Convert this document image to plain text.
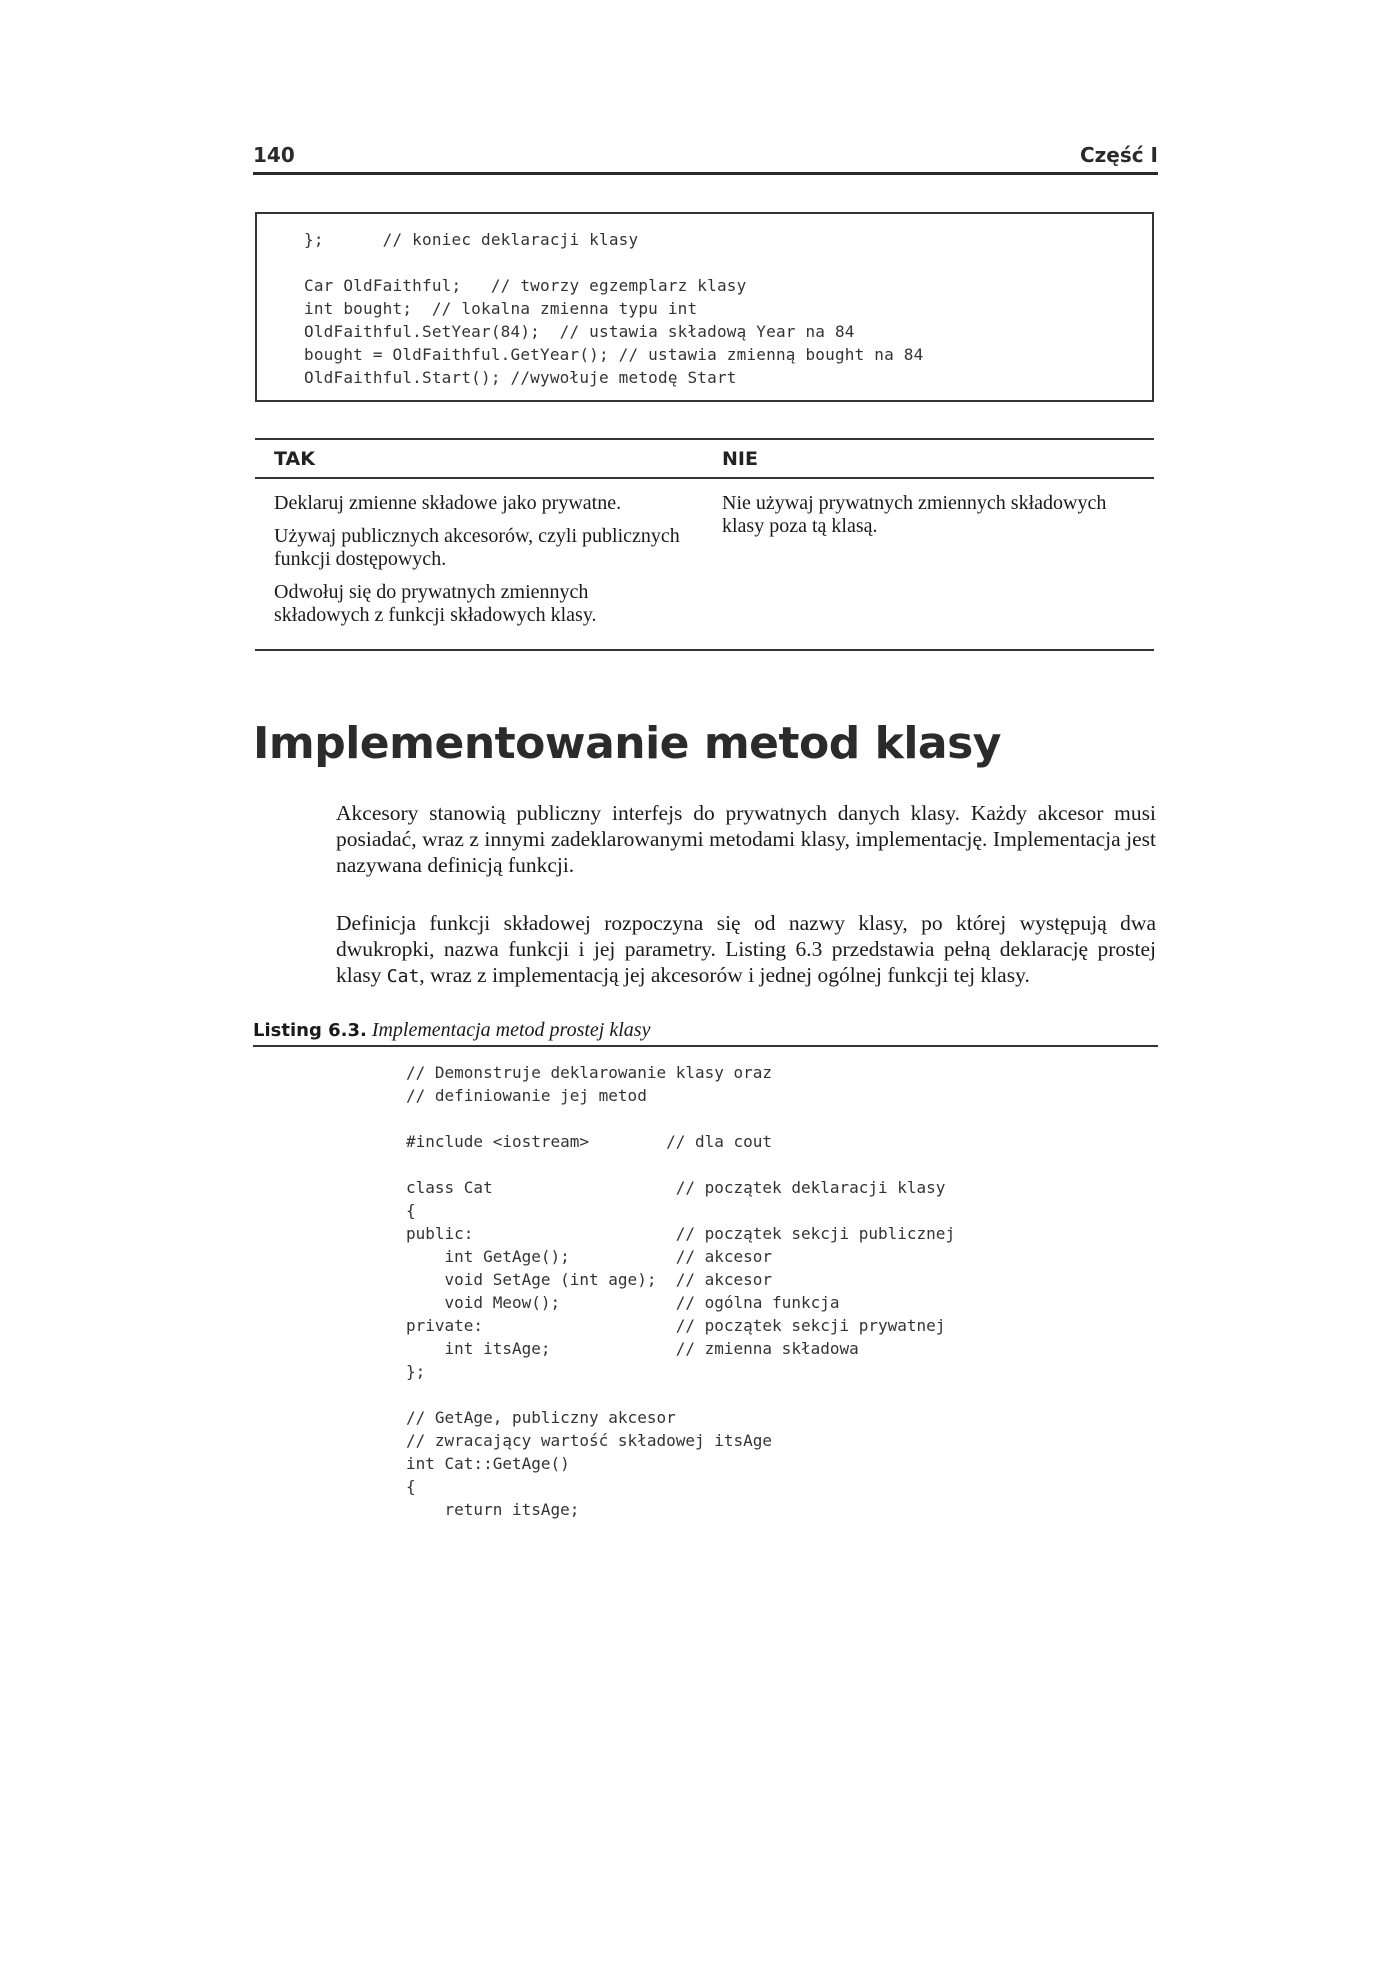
140	Część I
};      // koniec deklaracji klasy
Car OldFaithful;   // tworzy egzemplarz klasy
int bought;  // lokalna zmienna typu int
OldFaithful.SetYear(84);  // ustawia składową Year na 84
bought = OldFaithful.GetYear(); // ustawia zmienną bought na 84
OldFaithful.Start(); //wywołuje metodę Start
TAK	NIE

Deklaruj zmienne składowe jako prywatne.

Używaj publicznych akcesorów, czyli publicznych funkcji dostępowych.

Odwołuj się do prywatnych zmiennych składowych z funkcji składowych klasy.

Nie używaj prywatnych zmiennych składowych klasy poza tą klasą.

Implementowanie metod klasy
Akcesory stanowią publiczny interfejs do prywatnych danych klasy. Każdy akcesor musi posiadać, wraz z innymi zadeklarowanymi metodami klasy, implementację. Implementacja jest nazywana definicją funkcji.
Definicja funkcji składowej rozpoczyna się od nazwy klasy, po której występują dwa dwukropki, nazwa funkcji i jej parametry. Listing 6.3 przedstawia pełną deklarację prostej klasy Cat, wraz z implementacją jej akcesorów i jednej ogólnej funkcji tej klasy.
Listing 6.3. Implementacja metod prostej klasy
// Demonstruje deklarowanie klasy oraz
// definiowanie jej metod
#include <iostream>        // dla cout
class Cat                   // początek deklaracji klasy
{
public:                     // początek sekcji publicznej
int GetAge();           // akcesor
void SetAge (int age);  // akcesor
void Meow();            // ogólna funkcja
private:                    // początek sekcji prywatnej
int itsAge;             // zmienna składowa
};
// GetAge, publiczny akcesor
// zwracający wartość składowej itsAge
int Cat::GetAge()
{
return itsAge;
